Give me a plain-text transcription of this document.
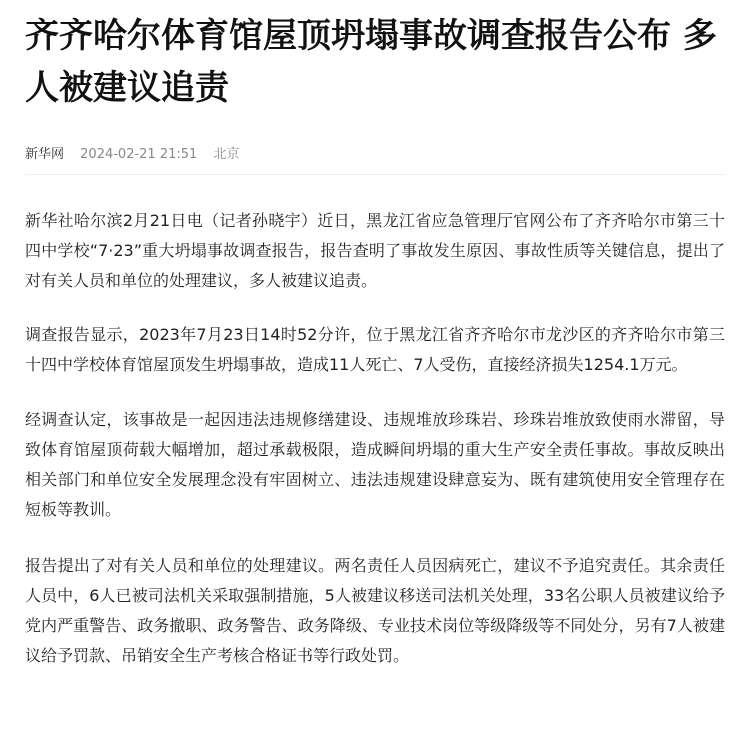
齐齐哈尔体育馆屋顶坍塌事故调查报告公布 多人被建议追责
新华网 2024-02-21 21:51 北京

新华社哈尔滨2月21日电（记者孙晓宇）近日，黑龙江省应急管理厅官网公布了齐齐哈尔市第三十四中学校“7·23”重大坍塌事故调查报告，报告查明了事故发生原因、事故性质等关键信息，提出了对有关人员和单位的处理建议，多人被建议追责。

调查报告显示，2023年7月23日14时52分许，位于黑龙江省齐齐哈尔市龙沙区的齐齐哈尔市第三十四中学校体育馆屋顶发生坍塌事故，造成11人死亡、7人受伤，直接经济损失1254.1万元。

经调查认定，该事故是一起因违法违规修缮建设、违规堆放珍珠岩、珍珠岩堆放致使雨水滞留，导致体育馆屋顶荷载大幅增加，超过承载极限，造成瞬间坍塌的重大生产安全责任事故。事故反映出相关部门和单位安全发展理念没有牢固树立、违法违规建设肆意妄为、既有建筑使用安全管理存在短板等教训。

报告提出了对有关人员和单位的处理建议。两名责任人员因病死亡，建议不予追究责任。其余责任人员中，6人已被司法机关采取强制措施，5人被建议移送司法机关处理，33名公职人员被建议给予党内严重警告、政务撤职、政务警告、政务降级、专业技术岗位等级降级等不同处分，另有7人被建议给予罚款、吊销安全生产考核合格证书等行政处罚。
